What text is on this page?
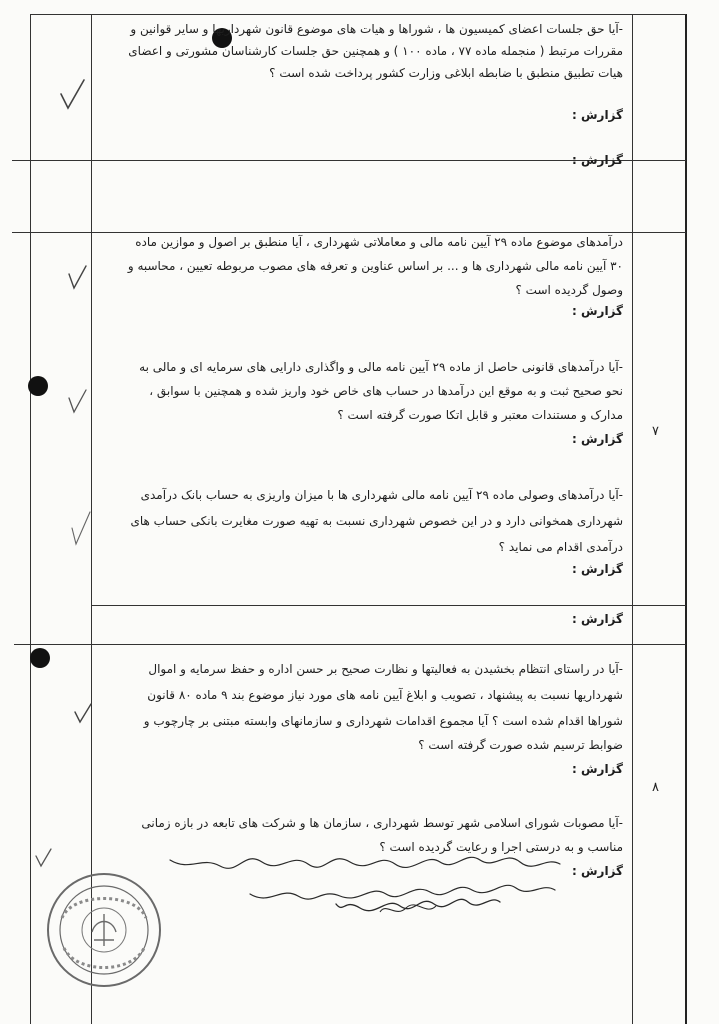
۷
۸
-آیا حق جلسات اعضای کمیسیون ها ، شوراها و هیات های موضوع قانون شهرداریها و سایر قوانین و
مقررات مرتبط ( منجمله ماده ۷۷ ، ماده ۱۰۰ ) و همچنین حق جلسات کارشناسان مشورتی و اعضای
هیات تطبیق منطبق با ضابطه ابلاغی وزارت کشور پرداخت شده است ؟
گزارش :
گزارش :
درآمدهای موضوع ماده ۲۹ آیین نامه مالی و معاملاتی شهرداری ، آیا منطبق بر اصول و موازین ماده
۳۰ آیین نامه مالی شهرداری ها و ... بر اساس عناوین و تعرفه های مصوب مربوطه تعیین ، محاسبه و
وصول گردیده است ؟
گزارش :
-آیا درآمدهای قانونی حاصل از ماده ۲۹ آیین نامه مالی و واگذاری دارایی های سرمایه ای و مالی به
نحو صحیح ثبت و به موقع این درآمدها در حساب های خاص خود واریز شده و همچنین با سوابق ،
مدارک و مستندات معتبر و قابل اتکا صورت گرفته است ؟
گزارش :
-آیا درآمدهای وصولی ماده ۲۹ آیین نامه مالی شهرداری ها با میزان واریزی به حساب بانک درآمدی
شهرداری همخوانی دارد و در این خصوص شهرداری نسبت به تهیه صورت مغایرت بانکی حساب های
درآمدی اقدام می نماید ؟
گزارش :
گزارش :
-آیا در راستای انتظام بخشیدن به فعالیتها و نظارت صحیح بر حسن اداره و حفظ سرمایه و اموال
شهرداریها نسبت به پیشنهاد ، تصویب و ابلاغ آیین نامه های مورد نیاز موضوع بند ۹ ماده ۸۰ قانون
شوراها اقدام شده است ؟ آیا مجموع اقدامات شهرداری و سازمانهای وابسته مبتنی بر چارچوب و
ضوابط ترسیم شده صورت گرفته است ؟
گزارش :
-آیا مصوبات شورای اسلامی شهر توسط شهرداری ، سازمان ها و شرکت های تابعه در بازه زمانی
مناسب و به درستی اجرا و رعایت گردیده است ؟
گزارش :
